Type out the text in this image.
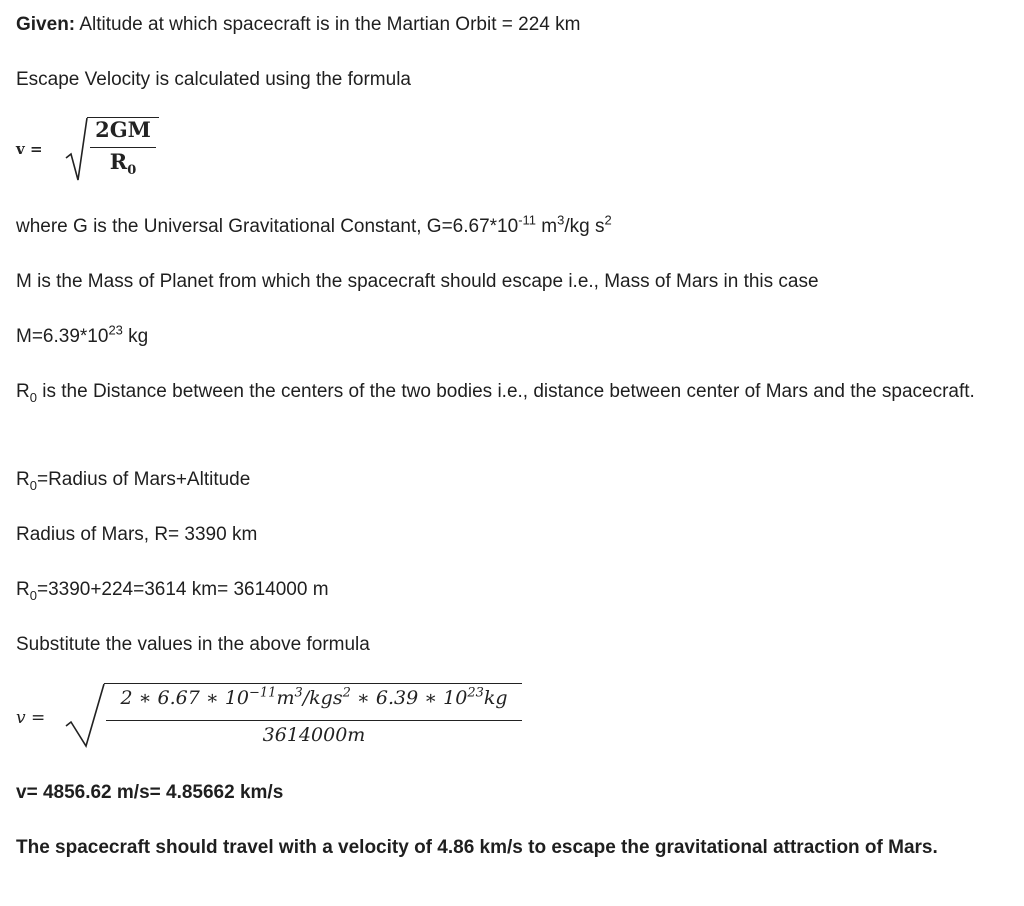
Given: Altitude at which spacecraft is in the Martian Orbit = 224 km

Escape Velocity is calculated using the formula

v =
2GM
$R_0$

where G is the Universal Gravitational Constant, $G=6.67*10^{-11}$ $m^3/kg$ $s^2$

M is the Mass of Planet from which the spacecraft should escape i.e., Mass of Mars in this case

$M=6.39*10^{23}$ kg

$R_0$ is the Distance between the centers of the two bodies i.e., distance between center of Mars and the spacecraft.

$R_0=Radius$ of Mars+Altitude

Radius of Mars, R= 3390 km

$R_0=3390+224=3614$ km= 3614000 m

Substitute the values in the above formula

v =
2 ∗ 6.67 ∗ $10^{-11}m^3/kgs^2$ ∗ 6.39 ∗ $10^{23}kg$
3614000m

v= 4856.62 m/s= 4.85662 km/s

The spacecraft should travel with a velocity of 4.86 km/s to escape the gravitational attraction of Mars.
